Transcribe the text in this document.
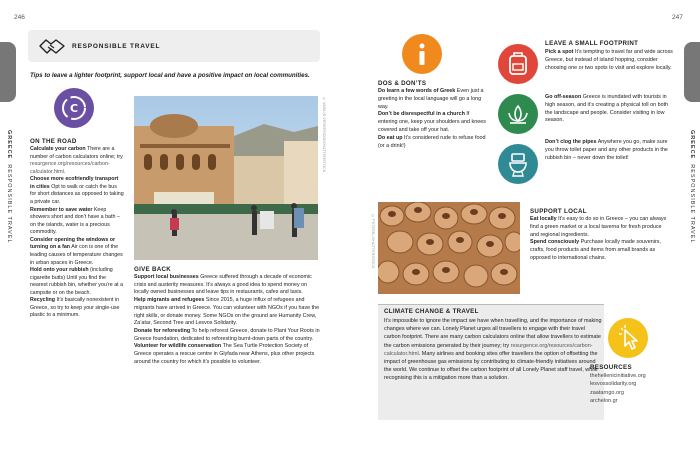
246	247
GREECE  RESPONSIBLE TRAVEL
GREECE  RESPONSIBLE TRAVEL
RESPONSIBLE TRAVEL
Tips to leave a lighter footprint, support local and have a positive impact on local communities.
C
ON THE ROAD
Calculate your carbon There are a number of carbon calculators online; try resurgence.org/resources/carbon-calculator.html.
Choose more ecofriendly transport in cities Opt to walk or catch the bus for short distances as opposed to taking a private car.
Remember to save water Keep showers short and don’t have a bath – on the islands, water is a precious commodity.
Consider opening the windows or turning on a fan Air con is one of the leading causes of temperature changes in urban spaces in Greece.
Hold onto your rubbish (including cigarette butts) Until you find the nearest rubbish bin, whether you’re at a campsite or on the beach.
Recycling It’s basically nonexistent in Greece, so try to keep your single-use plastic to a minimum.
© VASILIS VERVERIDIS/SHUTTERSTOCK
GIVE BACK
Support local businesses Greece suffered through a decade of economic crisis and austerity measures. It’s always a good idea to spend money on locally owned businesses and leave tips in restaurants, cafes and taxis.
Help migrants and refugees Since 2015, a huge influx of refugees and migrants have arrived in Greece. You can volunteer with NGOs if you have the right skills, or donate money. Some NGOs on the ground are Humanity Crew, Za’atar, Second Tree and Lesvos Solidarity.
Donate for reforesting To help reforest Greece, donate to Plant Your Roots in Greece foundation, dedicated to reforesting burnt-down parts of the country.
Volunteer for wildlife conservation The Sea Turtle Protection Society of Greece operates a rescue centre in Glyfada near Athens, plus other projects around the country for which it’s possible to volunteer.
DOS & DON’TS
Do learn a few words of Greek Even just a greeting in the local language will go a long way.
Don’t be disrespectful in a church If entering one, keep your shoulders and knees covered and take off your hat.
Do eat up It’s considered rude to refuse food (or a drink!)
LEAVE A SMALL FOOTPRINT
Pick a spot It’s tempting to travel far and wide across Greece, but instead of island hopping, consider choosing one or two spots to visit and explore locally.
Go off-season Greece is inundated with tourists in high season, and it’s creating a physical toll on both the landscape and people. Consider visiting in low season.
Don’t clog the pipes Anywhere you go, make sure you throw toilet paper and any other products in the rubbish bin – never down the toilet!
© PETEREL/SHUTTERSTOCK
SUPPORT LOCAL
Eat locally It’s easy to do so in Greece – you can always find a green market or a local taverna for fresh produce and regional ingredients.
Spend consciously Purchase locally made souvenirs, crafts, food products and items from small brands as opposed to international chains.
CLIMATE CHANGE & TRAVEL
It’s impossible to ignore the impact we have when travelling, and the importance of making changes where we can. Lonely Planet urges all travellers to engage with their travel carbon footprint. There are many carbon calculators online that allow travellers to estimate the carbon emissions generated by their journey; try resurgence.org/resources/carbon-calculator.html. Many airlines and booking sites offer travellers the option of offsetting the impact of greenhouse gas emissions by contributing to climate-friendly initiatives around the world. We continue to offset the carbon footprint of all Lonely Planet staff travel, while recognising this is a mitigation more than a solution.
RESOURCES
thehellenicinitiative.org
lesvossolidarity.org
zaatarngo.org
archelon.gr
